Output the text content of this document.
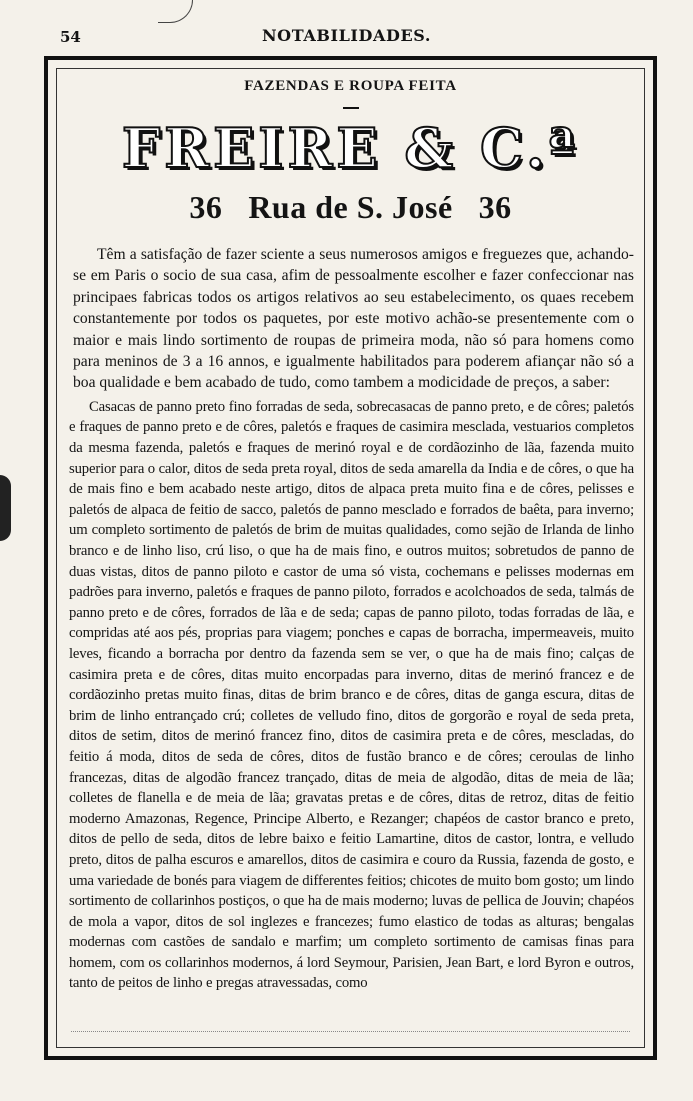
54	NOTABILIDADES.
FAZENDAS E ROUPA FEITA
FREIRE & C.ª
36 Rua de S. José 36

Têm a satisfação de fazer sciente a seus numerosos amigos e freguezes que, achando-se em Paris o socio de sua casa, afim de pessoalmente escolher e fazer confeccionar nas principaes fabricas todos os artigos relativos ao seu estabelecimento, os quaes recebem constantemente por todos os paquetes, por este motivo achão-se presentemente com o maior e mais lindo sortimento de roupas de primeira moda, não só para homens como para meninos de 3 a 16 annos, e igualmente habilitados para poderem afiançar não só a boa qualidade e bem acabado de tudo, como tambem a modicidade de preços, a saber:

Casacas de panno preto fino forradas de seda, sobrecasacas de panno preto, e de côres; paletós e fraques de panno preto e de côres, paletós e fraques de casimira mesclada, vestuarios completos da mesma fazenda, paletós e fraques de merinó royal e de cordãozinho de lãa, fazenda muito superior para o calor, ditos de seda preta royal, ditos de seda amarella da India e de côres, o que ha de mais fino e bem acabado neste artigo, ditos de alpaca preta muito fina e de côres, pelisses e paletós de alpaca de feitio de sacco, paletós de panno mesclado e forrados de baêta, para inverno; um completo sortimento de paletós de brim de muitas qualidades, como sejão de Irlanda de linho branco e de linho liso, crú liso, o que ha de mais fino, e outros muitos; sobretudos de panno de duas vistas, ditos de panno piloto e castor de uma só vista, cochemans e pelisses modernas em padrões para inverno, paletós e fraques de panno piloto, forrados e acolchoados de seda, talmás de panno preto e de côres, forrados de lãa e de seda; capas de panno piloto, todas forradas de lãa, e compridas até aos pés, proprias para viagem; ponches e capas de borracha, impermeaveis, muito leves, ficando a borracha por dentro da fazenda sem se ver, o que ha de mais fino; calças de casimira preta e de côres, ditas muito encorpadas para inverno, ditas de merinó francez e de cordãozinho pretas muito finas, ditas de brim branco e de côres, ditas de ganga escura, ditas de brim de linho entrançado crú; colletes de velludo fino, ditos de gorgorão e royal de seda preta, ditos de setim, ditos de merinó francez fino, ditos de casimira preta e de côres, mescladas, do feitio á moda, ditos de seda de côres, ditos de fustão branco e de côres; ceroulas de linho francezas, ditas de algodão francez trançado, ditas de meia de algodão, ditas de meia de lãa; colletes de flanella e de meia de lãa; gravatas pretas e de côres, ditas de retroz, ditas de feitio moderno Amazonas, Regence, Principe Alberto, e Rezanger; chapéos de castor branco e preto, ditos de pello de seda, ditos de lebre baixo e feitio Lamartine, ditos de castor, lontra, e velludo preto, ditos de palha escuros e amarellos, ditos de casimira e couro da Russia, fazenda de gosto, e uma variedade de bonés para viagem de differentes feitios; chicotes de muito bom gosto; um lindo sortimento de collarinhos postiços, o que ha de mais moderno; luvas de pellica de Jouvin; chapéos de mola a vapor, ditos de sol inglezes e francezes; fumo elastico de todas as alturas; bengalas modernas com castões de sandalo e marfim; um completo sortimento de camisas finas para homem, com os collarinhos modernos, á lord Seymour, Parisien, Jean Bart, e lord Byron e outros, tanto de peitos de linho e pregas atravessadas, como
